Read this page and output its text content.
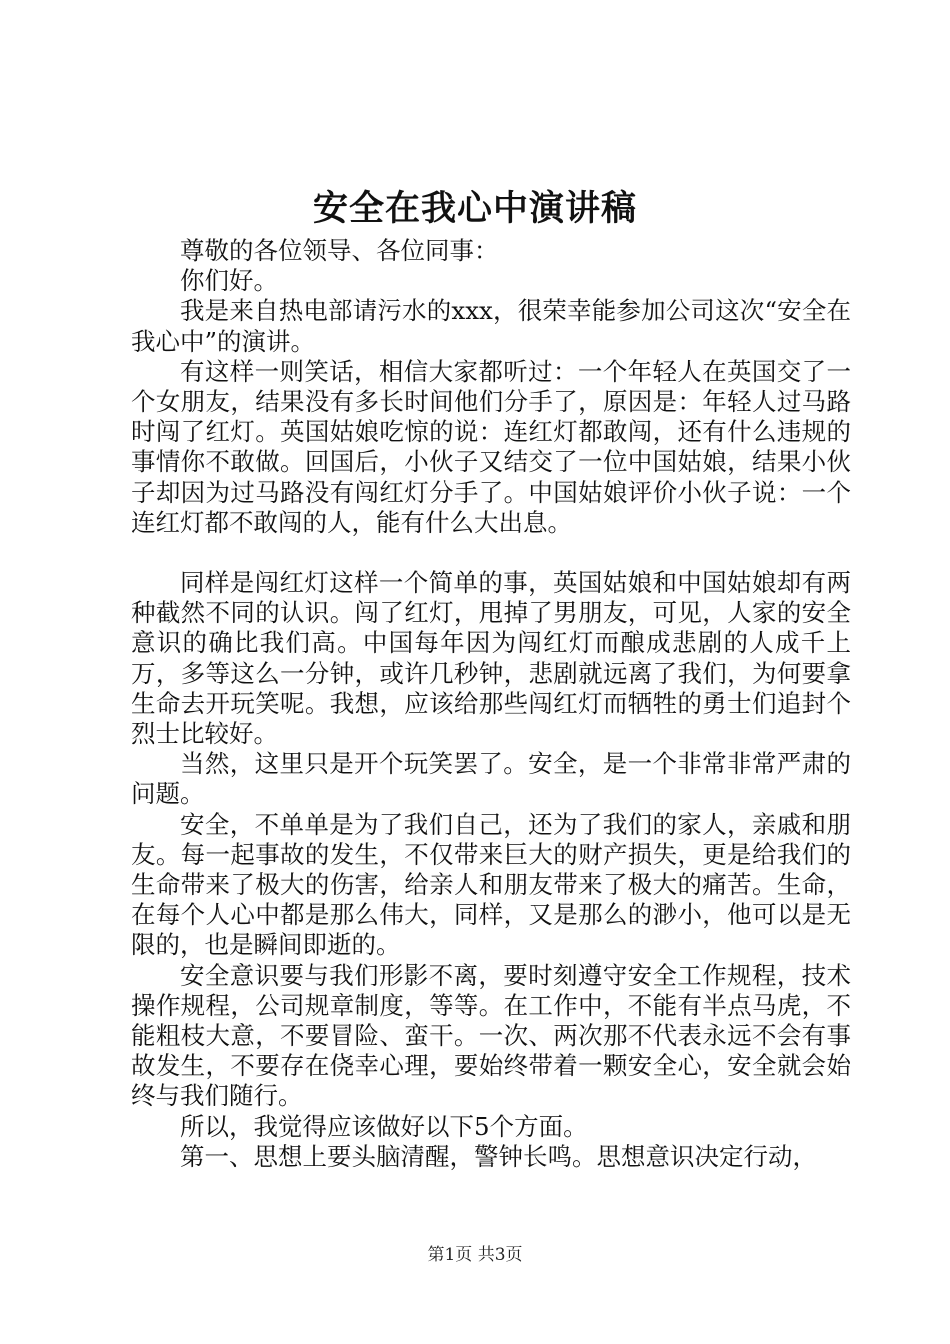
安全在我心中演讲稿

尊敬的各位领导、各位同事：

你们好。

我是来自热电部请污水的xxx，很荣幸能参加公司这次“安全在我心中”的演讲。

有这样一则笑话，相信大家都听过：一个年轻人在英国交了一个女朋友，结果没有多长时间他们分手了，原因是：年轻人过马路时闯了红灯。英国姑娘吃惊的说：连红灯都敢闯，还有什么违规的事情你不敢做。回国后，小伙子又结交了一位中国姑娘，结果小伙子却因为过马路没有闯红灯分手了。中国姑娘评价小伙子说：一个连红灯都不敢闯的人，能有什么大出息。

同样是闯红灯这样一个简单的事，英国姑娘和中国姑娘却有两种截然不同的认识。闯了红灯，甩掉了男朋友，可见，人家的安全意识的确比我们高。中国每年因为闯红灯而酿成悲剧的人成千上万，多等这么一分钟，或许几秒钟，悲剧就远离了我们，为何要拿生命去开玩笑呢。我想，应该给那些闯红灯而牺牲的勇士们追封个烈士比较好。

当然，这里只是开个玩笑罢了。安全，是一个非常非常严肃的问题。

安全，不单单是为了我们自己，还为了我们的家人，亲戚和朋友。每一起事故的发生，不仅带来巨大的财产损失，更是给我们的生命带来了极大的伤害，给亲人和朋友带来了极大的痛苦。生命，在每个人心中都是那么伟大，同样，又是那么的渺小，他可以是无限的，也是瞬间即逝的。

安全意识要与我们形影不离，要时刻遵守安全工作规程，技术操作规程，公司规章制度，等等。在工作中，不能有半点马虎，不能粗枝大意，不要冒险、蛮干。一次、两次那不代表永远不会有事故发生，不要存在侥幸心理，要始终带着一颗安全心，安全就会始终与我们随行。

所以，我觉得应该做好以下5个方面。

第一、思想上要头脑清醒，警钟长鸣。思想意识决定行动，

第1页 共3页
